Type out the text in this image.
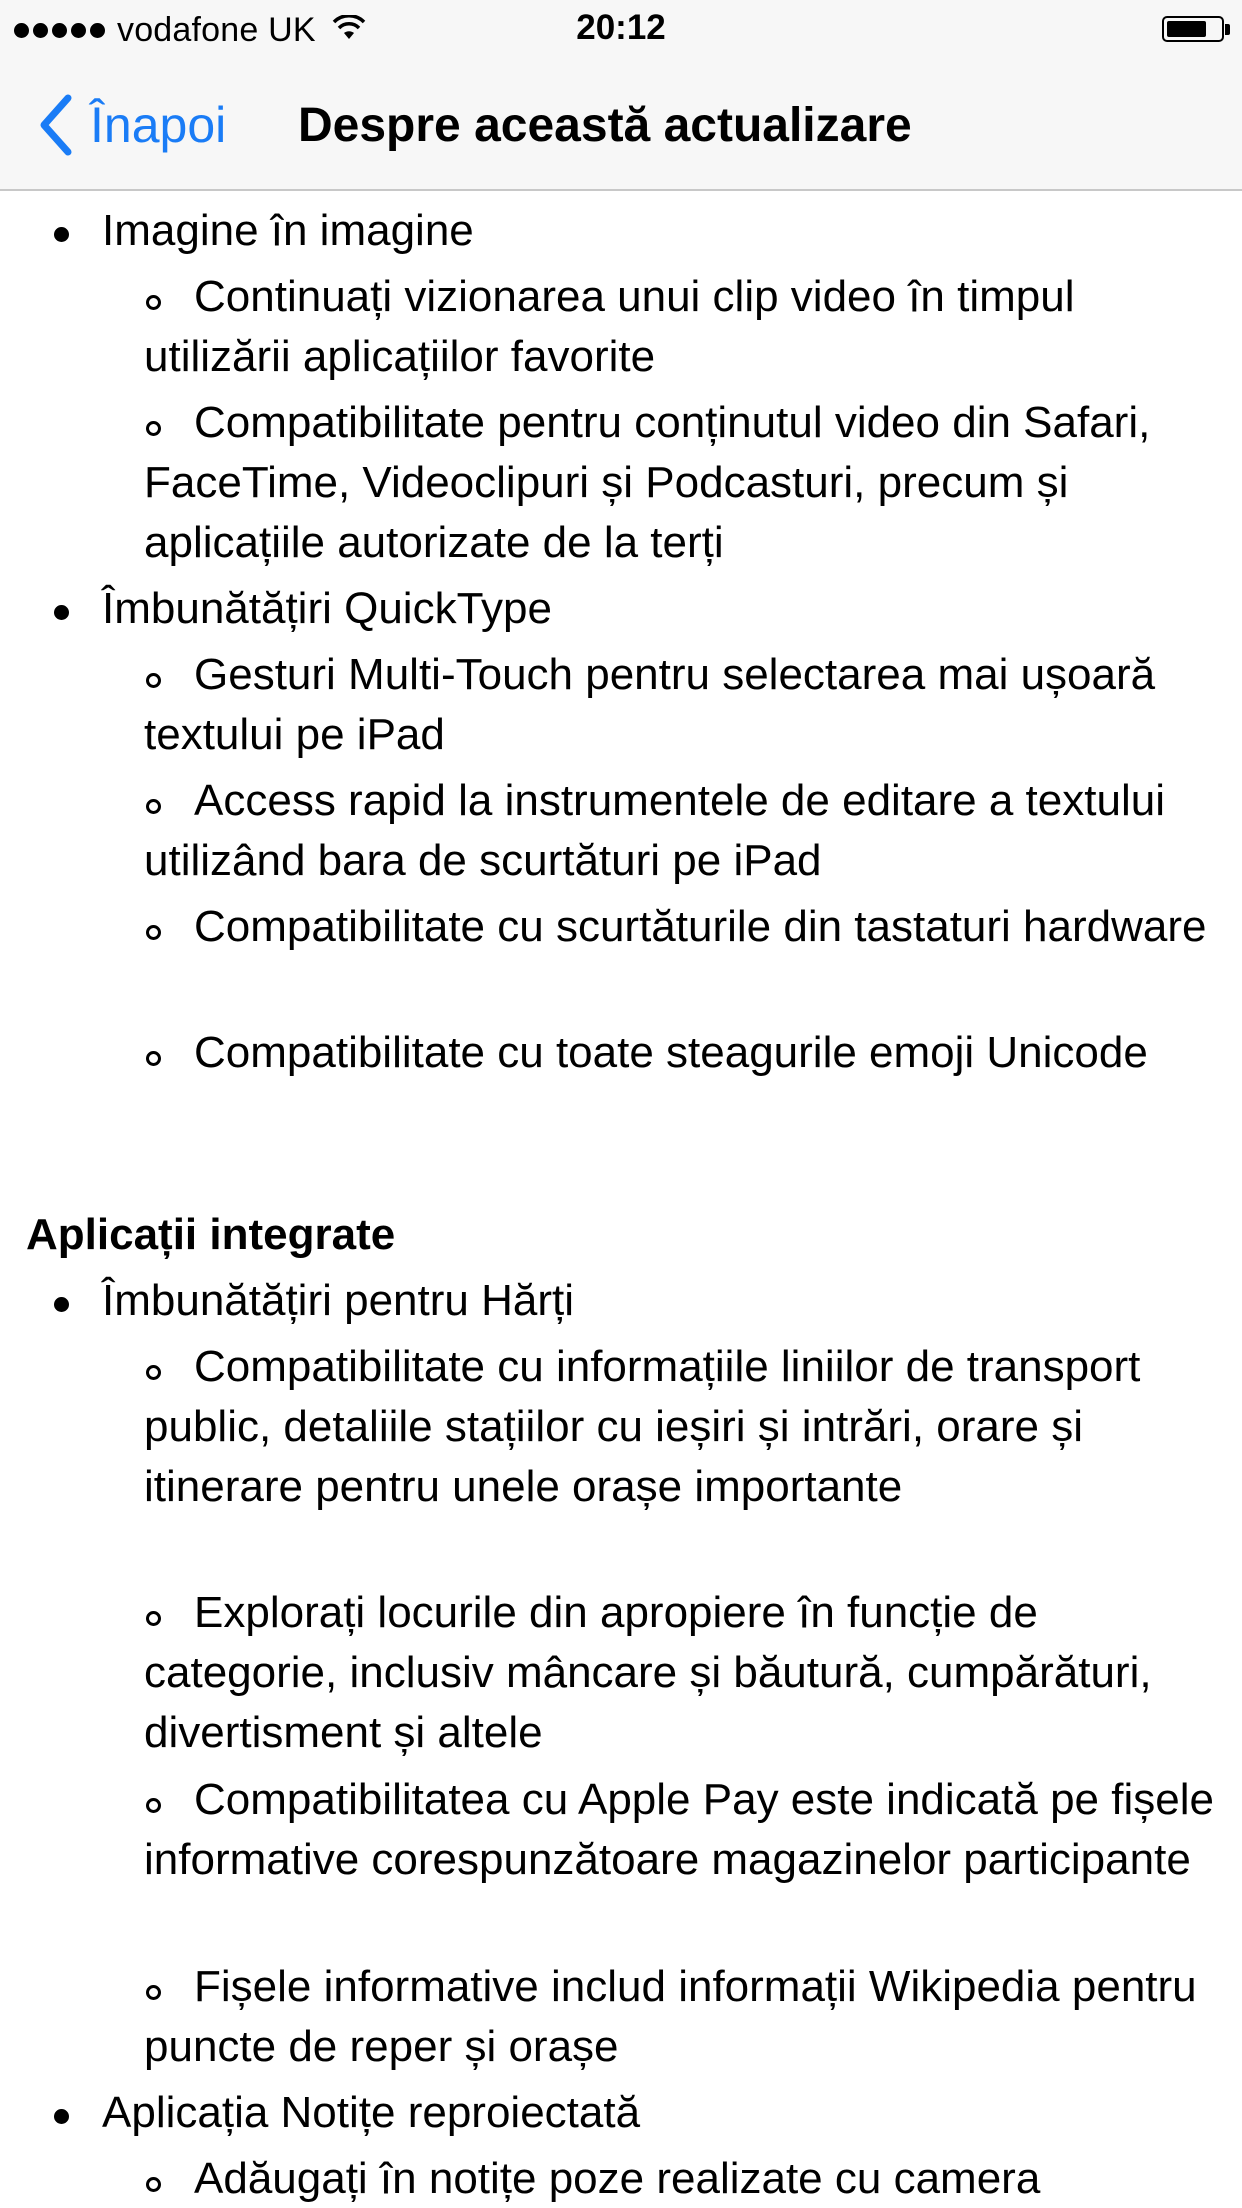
vodafone UK	20:12
Înapoi Despre această actualizare
Imagine în imagine
Continuați vizionarea unui clip video în timpul utilizării aplicațiilor favorite
Compatibilitate pentru conținutul video din Safari, FaceTime, Videoclipuri și Podcasturi, precum și aplicațiile autorizate de la terți
Îmbunătățiri QuickType
Gesturi Multi-Touch pentru selectarea mai ușoară textului pe iPad
Access rapid la instrumentele de editare a textului utilizând bara de scurtături pe iPad
Compatibilitate cu scurtăturile din tastaturi hardware
Compatibilitate cu toate steagurile emoji Unicode
Aplicații integrate
Îmbunătățiri pentru Hărți
Compatibilitate cu informațiile liniilor de transport public, detaliile stațiilor cu ieșiri și intrări, orare și itinerare pentru unele orașe importante
Explorați locurile din apropiere în funcție de categorie, inclusiv mâncare și băutură, cumpărături, divertisment și altele
Compatibilitatea cu Apple Pay este indicată pe fișele informative corespunzătoare magazinelor participante
Fișele informative includ informații Wikipedia pentru puncte de reper și orașe
Aplicația Notițe reproiectată
Adăugați în notițe poze realizate cu camera
